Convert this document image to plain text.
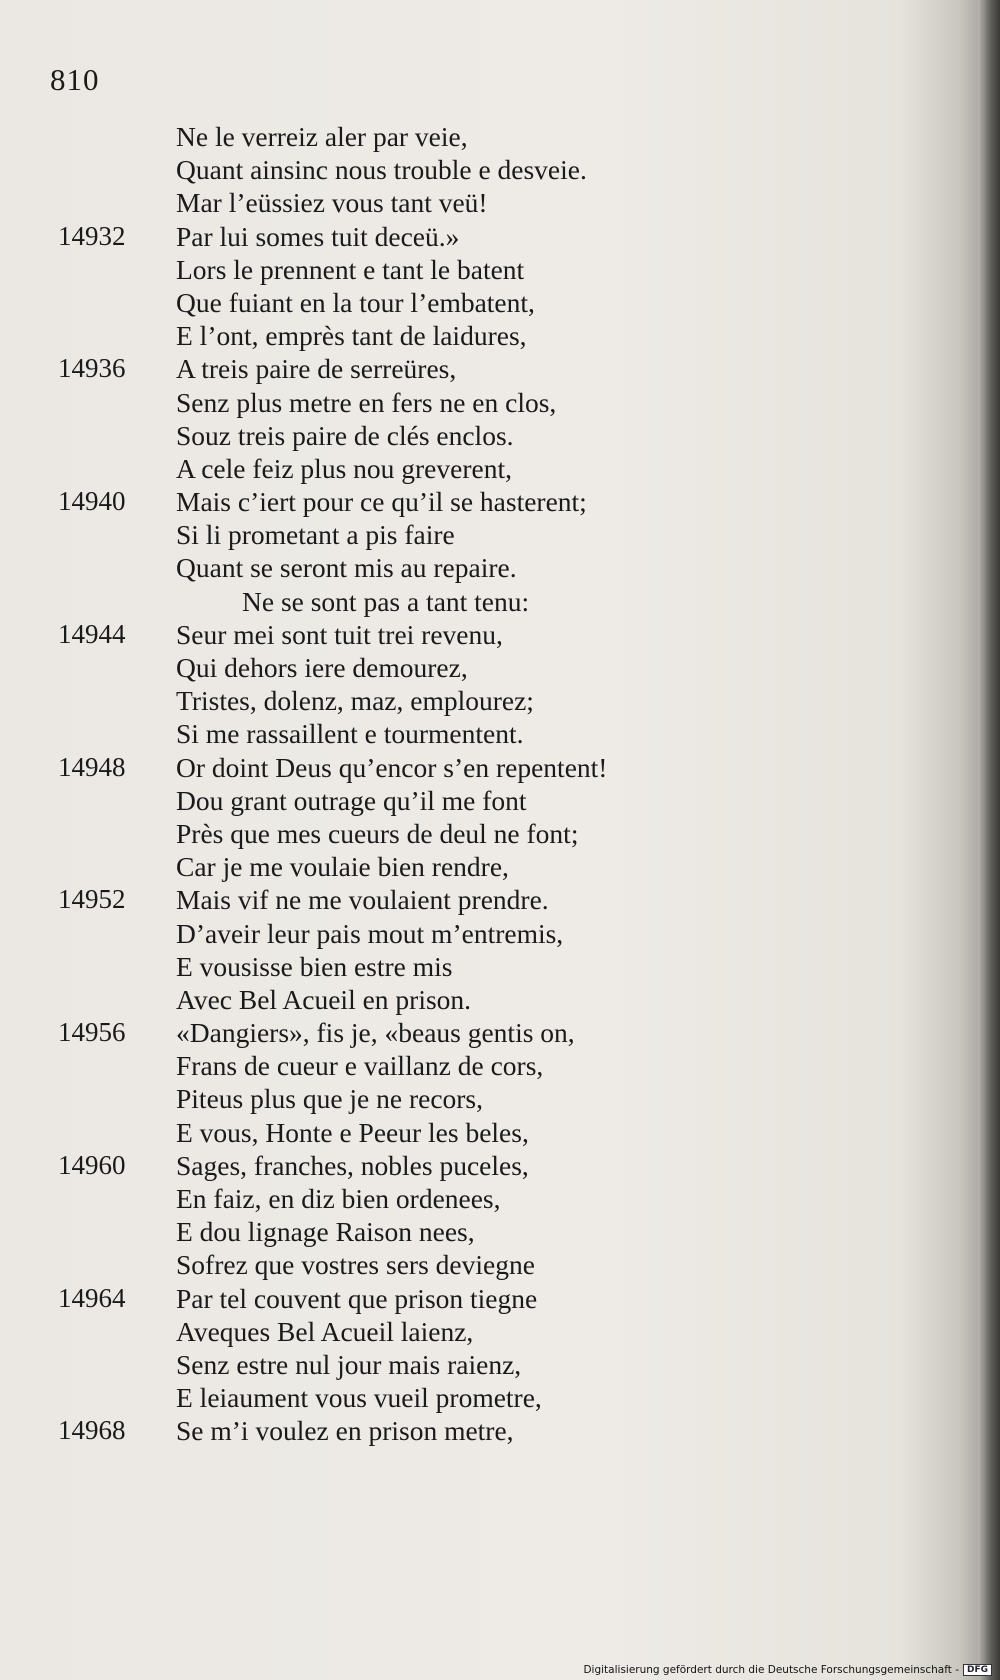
810
Ne le verreiz aler par veie,
Quant ainsinc nous trouble e desveie.
Mar l’eüssiez vous tant veü!
14932 Par lui somes tuit deceü.»
Lors le prennent e tant le batent
Que fuiant en la tour l’embatent,
E l’ont, emprès tant de laidures,
14936 A treis paire de serreüres,
Senz plus metre en fers ne en clos,
Souz treis paire de clés enclos.
A cele feiz plus nou greverent,
14940 Mais c’iert pour ce qu’il se hasterent;
Si li prometant a pis faire
Quant se seront mis au repaire.
Ne se sont pas a tant tenu:
14944 Seur mei sont tuit trei revenu,
Qui dehors iere demourez,
Tristes, dolenz, maz, emplourez;
Si me rassaillent e tourmentent.
14948 Or doint Deus qu’encor s’en repentent!
Dou grant outrage qu’il me font
Près que mes cueurs de deul ne font;
Car je me voulaie bien rendre,
14952 Mais vif ne me voulaient prendre.
D’aveir leur pais mout m’entremis,
E vousisse bien estre mis
Avec Bel Acueil en prison.
14956 «Dangiers», fis je, «beaus gentis on,
Frans de cueur e vaillanz de cors,
Piteus plus que je ne recors,
E vous, Honte e Peeur les beles,
14960 Sages, franches, nobles puceles,
En faiz, en diz bien ordenees,
E dou lignage Raison nees,
Sofrez que vostres sers deviegne
14964 Par tel couvent que prison tiegne
Aveques Bel Acueil laienz,
Senz estre nul jour mais raienz,
E leiaument vous vueil prometre,
14968 Se m’i voulez en prison metre,
Digitalisierung gefördert durch die Deutsche Forschungsgemeinschaft - DFG
